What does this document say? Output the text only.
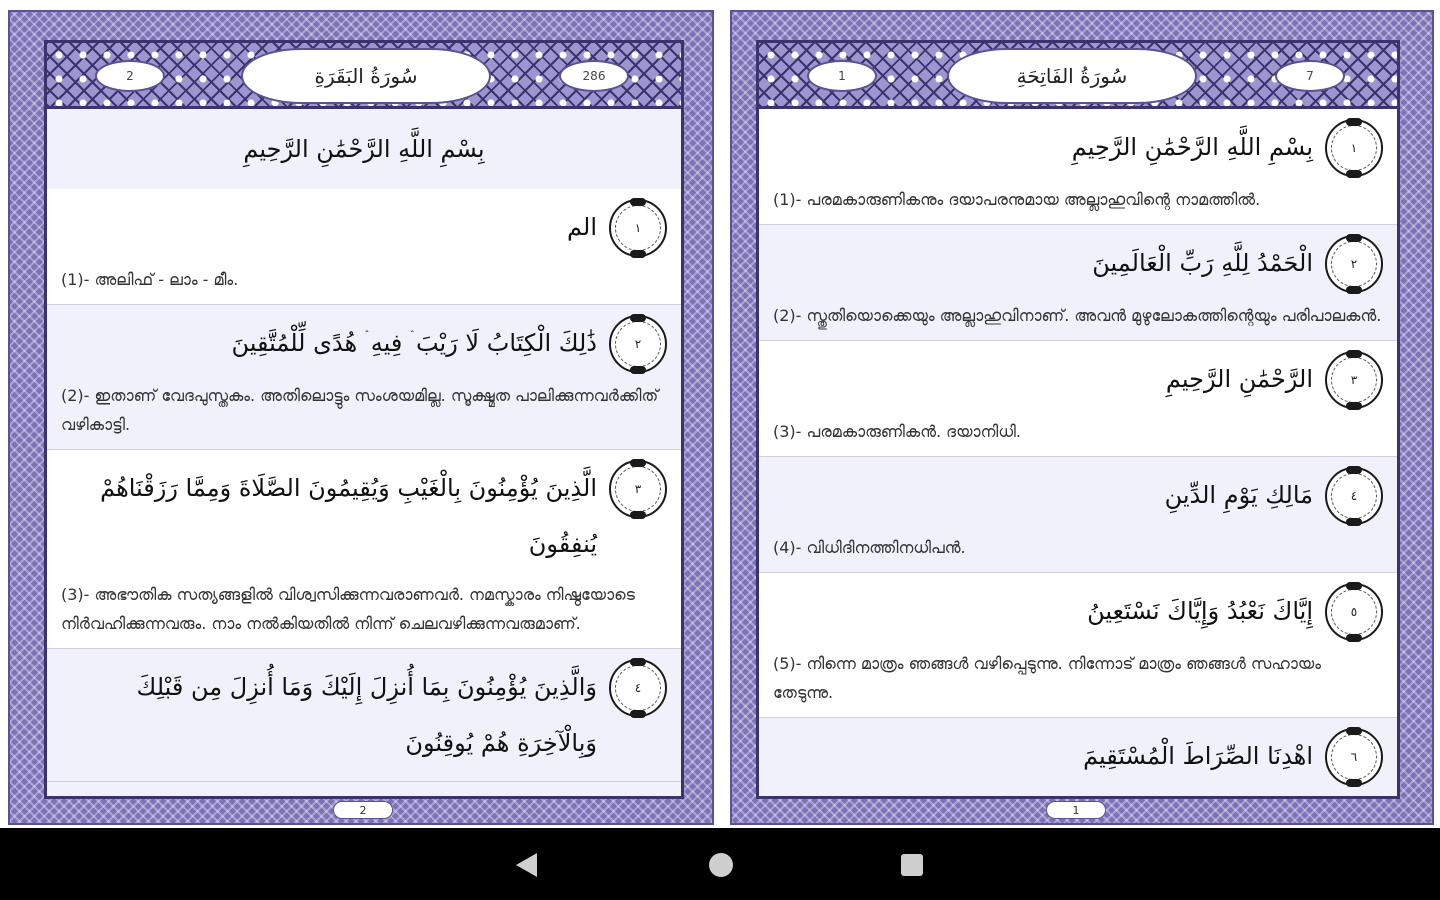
2	سُورَةُ البَقَرَةِ	286
بِسْمِ اللَّهِ الرَّحْمَٰنِ الرَّحِيمِ
١
الم
(1)- അലിഫ് - ലാം - മീം.
٢
ذَٰلِكَ الْكِتَابُ لَا رَيْبَ ۛ فِيهِ ۛ هُدًى لِّلْمُتَّقِينَ
(2)- ഇതാണ് വേദപുസ്തകം. അതിലൊട്ടും സംശയമില്ല. സൂക്ഷ്മത പാലിക്കുന്നവർക്കിത് വഴികാട്ടി.
٣
الَّذِينَ يُؤْمِنُونَ بِالْغَيْبِ وَيُقِيمُونَ الصَّلَاةَ وَمِمَّا رَزَقْنَاهُمْ يُنفِقُونَ
(3)- അഭൗതിക സത്യങ്ങളിൽ വിശ്വസിക്കുന്നവരാണവർ. നമസ്കാരം നിഷ്ഠയോടെ നിർവഹിക്കുന്നവരും. നാം നൽകിയതിൽ നിന്ന് ചെലവഴിക്കുന്നവരുമാണ്.
٤
وَالَّذِينَ يُؤْمِنُونَ بِمَا أُنزِلَ إِلَيْكَ وَمَا أُنزِلَ مِن قَبْلِكَ وَبِالْآخِرَةِ هُمْ يُوقِنُونَ
2
1	سُورَةُ الفَاتِحَةِ	7
١
بِسْمِ اللَّهِ الرَّحْمَٰنِ الرَّحِيمِ
(1)- പരമകാരുണികനും ദയാപരനുമായ അല്ലാഹുവിന്റെ നാമത്തിൽ.
٢
الْحَمْدُ لِلَّهِ رَبِّ الْعَالَمِينَ
(2)- സ്തുതിയൊക്കെയും അല്ലാഹുവിനാണ്. അവൻ മുഴുലോകത്തിന്റെയും പരിപാലകൻ.
٣
الرَّحْمَٰنِ الرَّحِيمِ
(3)- പരമകാരുണികൻ. ദയാനിധി.
٤
مَالِكِ يَوْمِ الدِّينِ
(4)- വിധിദിനത്തിനധിപൻ.
٥
إِيَّاكَ نَعْبُدُ وَإِيَّاكَ نَسْتَعِينُ
(5)- നിന്നെ മാത്രം ഞങ്ങൾ വഴിപ്പെടുന്നു. നിന്നോട് മാത്രം ഞങ്ങൾ സഹായം തേടുന്നു.
٦
اهْدِنَا الصِّرَاطَ الْمُسْتَقِيمَ
1
